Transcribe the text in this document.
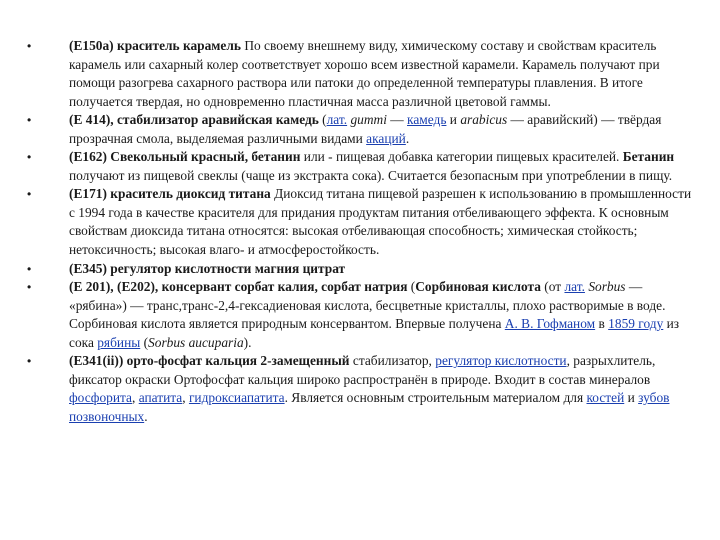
•	(E150a) краситель карамель По своему внешнему виду, химическому составу и свойствам краситель карамель или сахарный колер соответствует хорошо всем известной карамели. Карамель получают при помощи разогрева сахарного раствора или патоки до определенной температуры плавления. В итоге получается твердая, но одновременно пластичная масса различной цветовой гаммы.
•	(E 414), стабилизатор аравийская камедь (лат. gummi — камедь и arabicus — аравийский) — твёрдая прозрачная смола, выделяемая различными видами акаций.
•	(E162) Свекольный красный, бетанин или - пищевая добавка категории пищевых красителей. Бетанин получают из пищевой свеклы (чаще из экстракта сока). Считается безопасным при употреблении в пищу.
•	(E171) краситель диоксид титана Диоксид титана пищевой разрешен к использованию в промышленности с 1994 года в качестве красителя для придания продуктам питания отбеливающего эффекта. К основным свойствам диоксида титана относятся: высокая отбеливающая способность; химическая стойкость; нетоксичность; высокая влаго- и атмосферостойкость.
•	(E345) регулятор кислотности магния цитрат
•	(E 201), (E202), консервант сорбат калия, сорбат натрия (Сорбиновая кислота (от лат. Sorbus — «рябина») — транс,транс-2,4-гексадиеновая кислота, бесцветные кристаллы, плохо растворимые в воде. Сорбиновая кислота является природным консервантом. Впервые получена А. В. Гофманом в 1859 году из сока рябины (Sorbus aucuparia).
•	(E341(ii)) орто-фосфат кальция 2-замещенный стабилизатор, регулятор кислотности, разрыхлитель, фиксатор окраски Ортофосфат кальция широко распространён в природе. Входит в состав минералов фосфорита, апатита, гидроксиапатита. Является основным строительным материалом для костей и зубов позвоночных.
